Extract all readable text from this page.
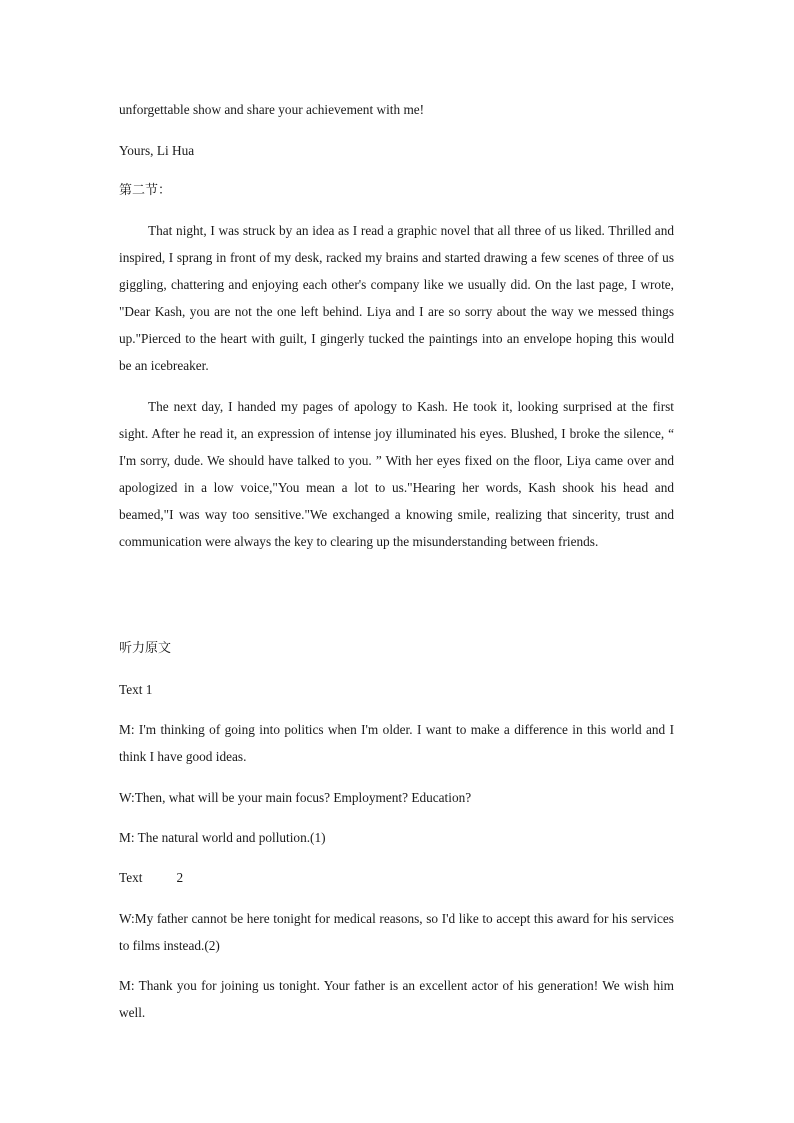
unforgettable show and share your achievement with me!

Yours, Li Hua

第二节：

That night, I was struck by an idea as I read a graphic novel that all three of us liked. Thrilled and inspired, I sprang in front of my desk, racked my brains and started drawing a few scenes of three of us giggling, chattering and enjoying each other's company like we usually did. On the last page, I wrote, "Dear Kash, you are not the one left behind. Liya and I are so sorry about the way we messed things up."Pierced to the heart with guilt, I gingerly tucked the paintings into an envelope hoping this would be an icebreaker.

The next day, I handed my pages of apology to Kash. He took it, looking surprised at the first sight. After he read it, an expression of intense joy illuminated his eyes. Blushed, I broke the silence, “ I'm sorry, dude. We should have talked to you. ” With her eyes fixed on the floor, Liya came over and apologized in a low voice,"You mean a lot to us."Hearing her words, Kash shook his head and beamed,"I was way too sensitive."We exchanged a knowing smile, realizing that sincerity, trust and communication were always the key to clearing up the misunderstanding between friends.

听力原文

Text 1

M: I'm thinking of going into politics when I'm older. I want to make a difference in this world and I think I have good ideas.

W:Then, what will be your main focus? Employment? Education?

M: The natural world and pollution.(1)

Text	2

W:My father cannot be here tonight for medical reasons, so I'd like to accept this award for his services to films instead.(2)

M: Thank you for joining us tonight. Your father is an excellent actor of his generation! We wish him well.
